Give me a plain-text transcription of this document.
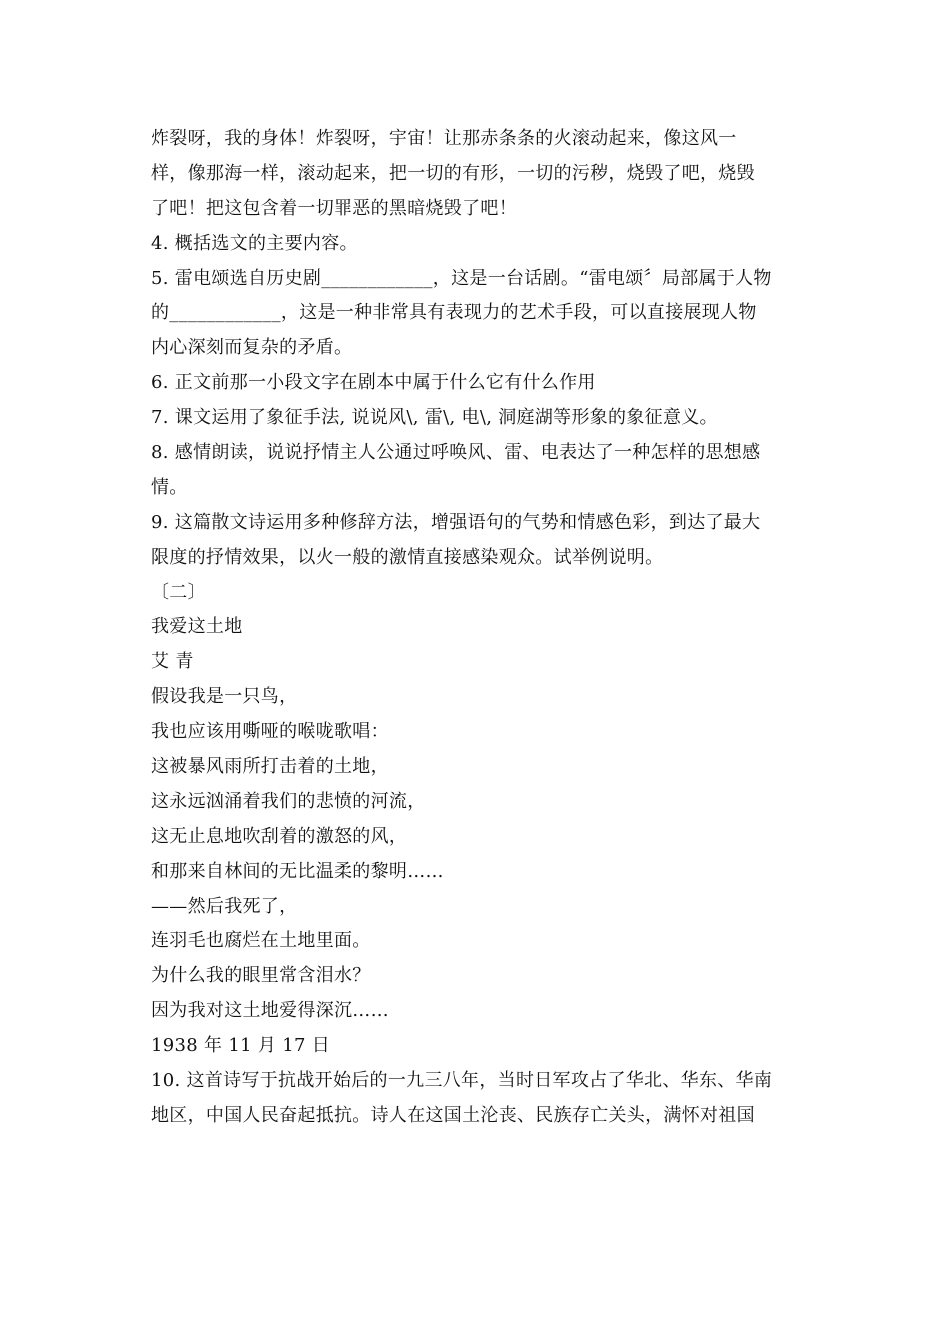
炸裂呀，我的身体！炸裂呀，宇宙！让那赤条条的火滚动起来，像这风一
样，像那海一样，滚动起来，把一切的有形，一切的污秽，烧毁了吧，烧毁
了吧！把这包含着一切罪恶的黑暗烧毁了吧！
4. 概括选文的主要内容。
5. 雷电颂选自历史剧____________，这是一台话剧。“雷电颂〞局部属于人物
的____________，这是一种非常具有表现力的艺术手段，可以直接展现人物
内心深刻而复杂的矛盾。
6. 正文前那一小段文字在剧本中属于什么它有什么作用
7. 课文运用了象征手法, 说说风\, 雷\, 电\, 洞庭湖等形象的象征意义。
8. 感情朗读，说说抒情主人公通过呼唤风、雷、电表达了一种怎样的思想感
情。
9. 这篇散文诗运用多种修辞方法，增强语句的气势和情感色彩，到达了最大
限度的抒情效果，以火一般的激情直接感染观众。试举例说明。
〔二〕
我爱这土地
艾 青
假设我是一只鸟，
我也应该用嘶哑的喉咙歌唱：
这被暴风雨所打击着的土地，
这永远汹涌着我们的悲愤的河流，
这无止息地吹刮着的激怒的风，
和那来自林间的无比温柔的黎明……
——然后我死了，
连羽毛也腐烂在土地里面。
为什么我的眼里常含泪水？
因为我对这土地爱得深沉……
1938 年 11 月 17 日
10. 这首诗写于抗战开始后的一九三八年，当时日军攻占了华北、华东、华南
地区，中国人民奋起抵抗。诗人在这国土沦丧、民族存亡关头，满怀对祖国
